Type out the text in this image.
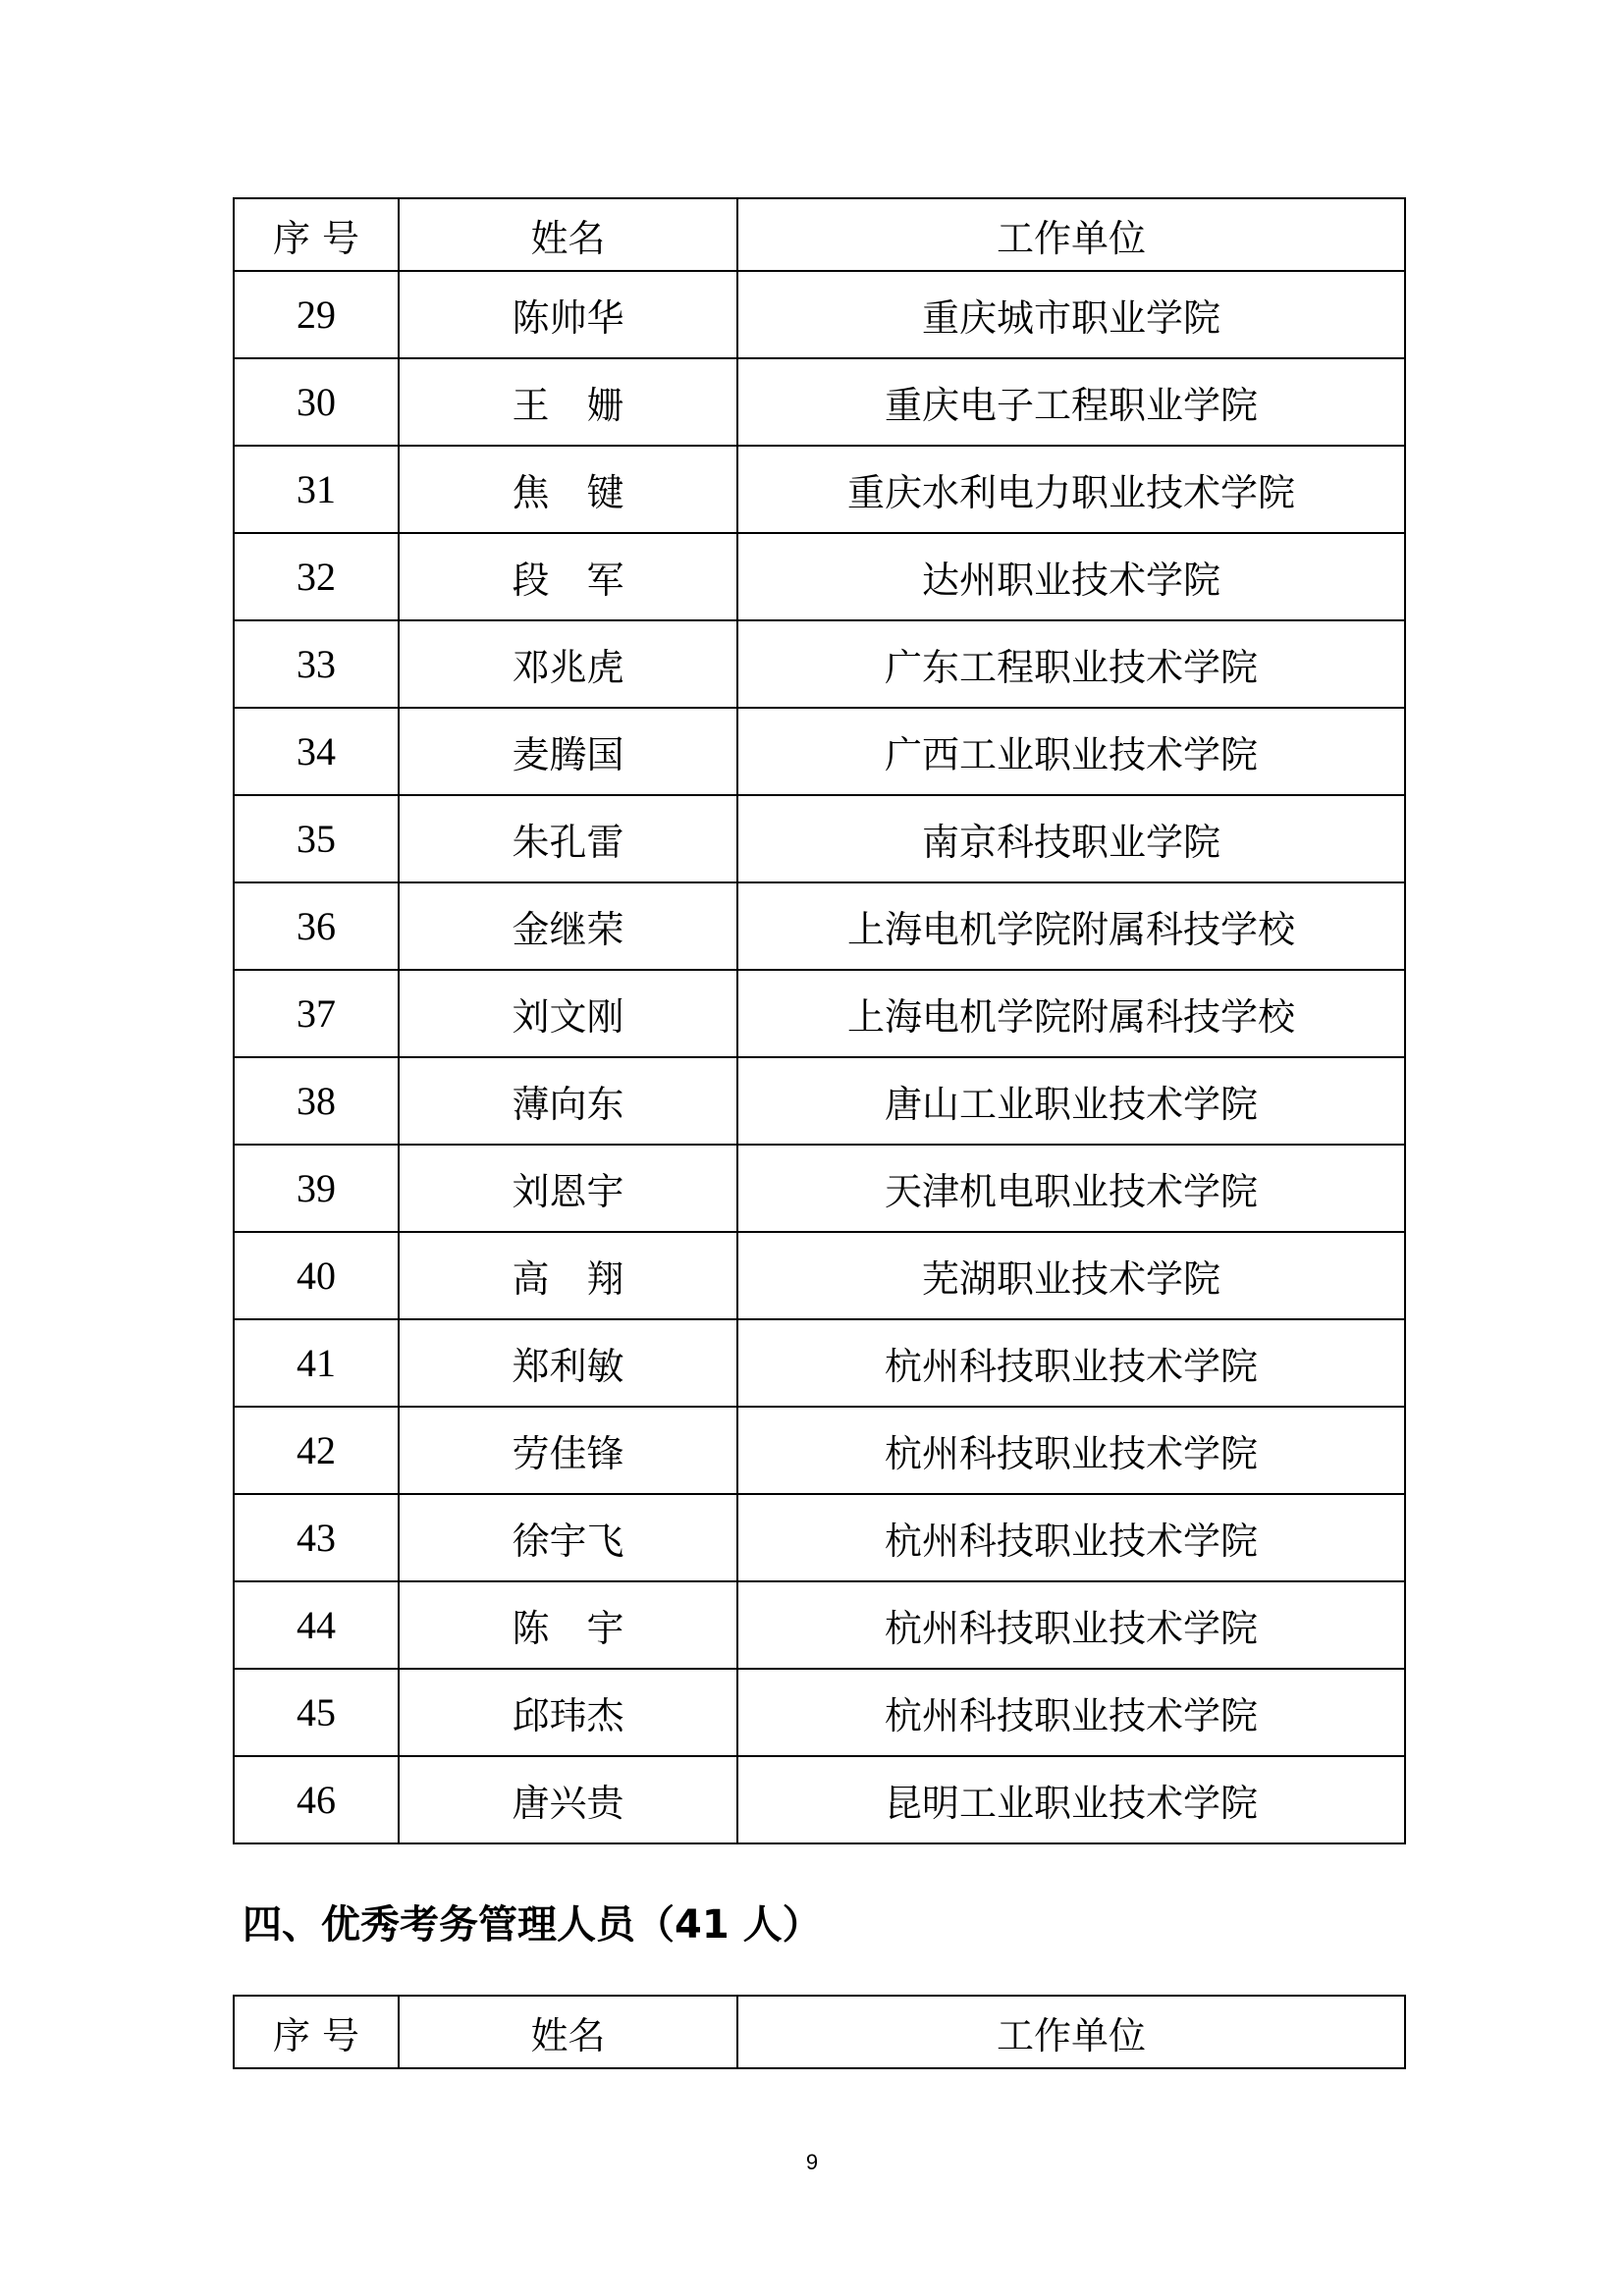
序 号	姓名	工作单位
29	陈帅华	重庆城市职业学院
30	王　姗	重庆电子工程职业学院
31	焦　键	重庆水利电力职业技术学院
32	段　军	达州职业技术学院
33	邓兆虎	广东工程职业技术学院
34	麦腾国	广西工业职业技术学院
35	朱孔雷	南京科技职业学院
36	金继荣	上海电机学院附属科技学校
37	刘文刚	上海电机学院附属科技学校
38	薄向东	唐山工业职业技术学院
39	刘恩宇	天津机电职业技术学院
40	高　翔	芜湖职业技术学院
41	郑利敏	杭州科技职业技术学院
42	劳佳锋	杭州科技职业技术学院
43	徐宇飞	杭州科技职业技术学院
44	陈　宇	杭州科技职业技术学院
45	邱玮杰	杭州科技职业技术学院
46	唐兴贵	昆明工业职业技术学院
四、优秀考务管理人员（41 人）
序 号	姓名	工作单位
9
